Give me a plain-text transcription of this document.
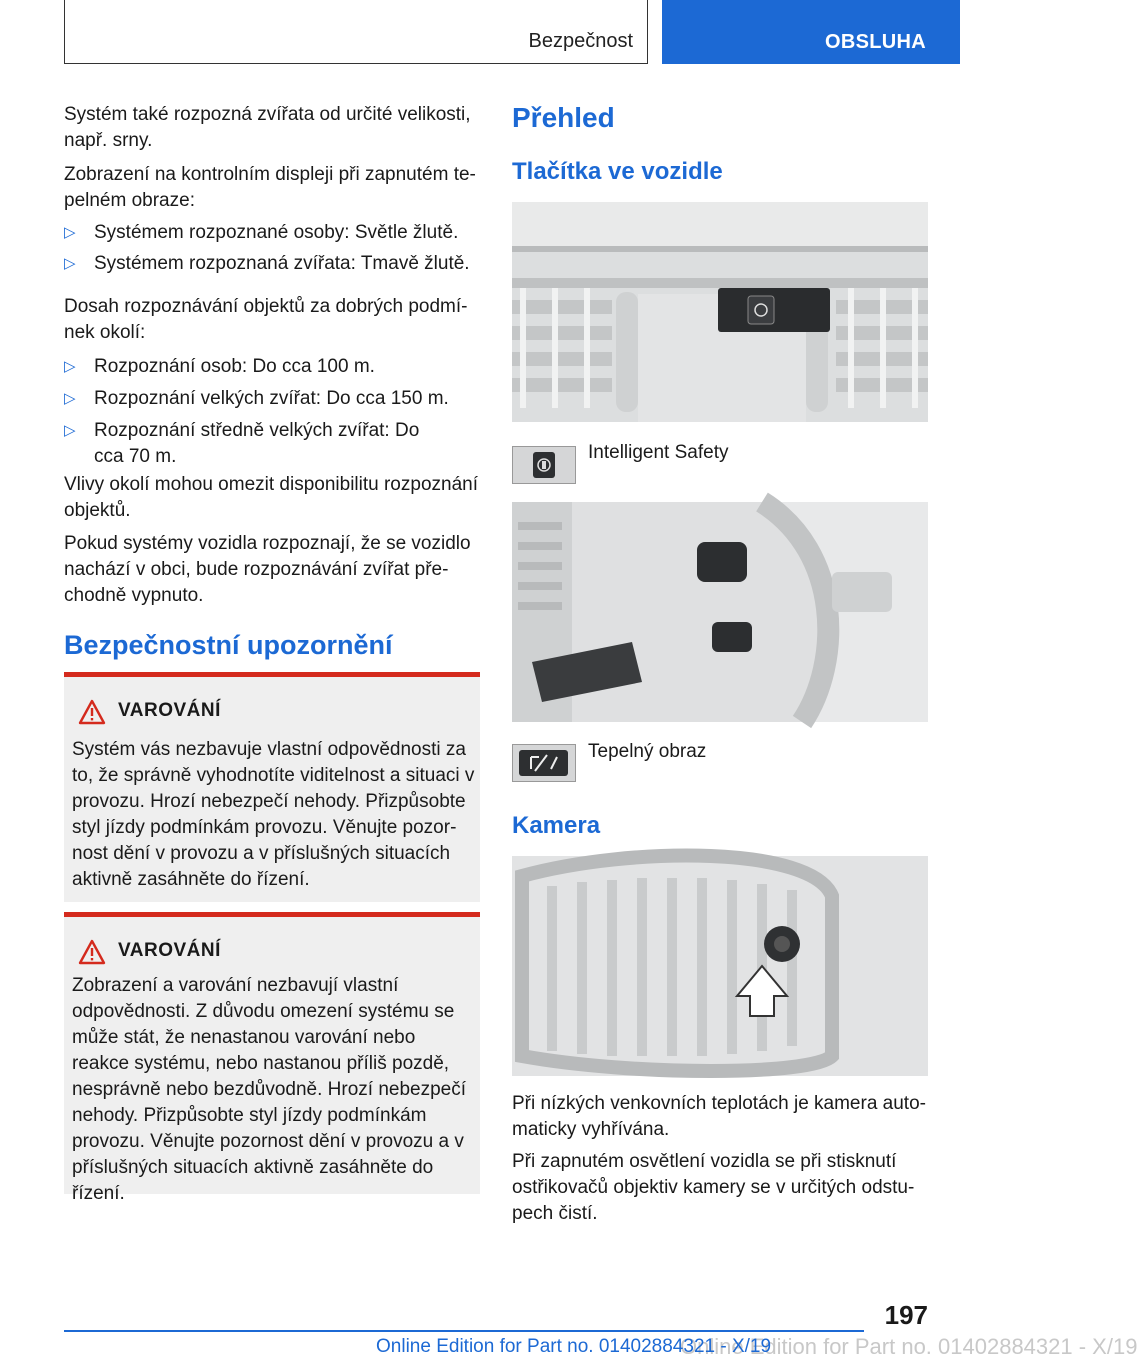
Bezpečnost	OBSLUHA
Systém také rozpozná zvířata od určité velikosti, např. srny.
Zobrazení na kontrolním displeji při zapnutém tepelném obraze:
▷ Systémem rozpoznané osoby: Světle žlutě.
▷ Systémem rozpoznaná zvířata: Tmavě žlutě.
Dosah rozpoznávání objektů za dobrých podmínek okolí:
▷ Rozpoznání osob: Do cca 100 m.
▷ Rozpoznání velkých zvířat: Do cca 150 m.
▷ Rozpoznání středně velkých zvířat: Do cca 70 m.
Vlivy okolí mohou omezit disponibilitu rozpoznání objektů.
Pokud systémy vozidla rozpoznají, že se vozidlo nachází v obci, bude rozpoznávání zvířat přechodně vypnuto.
Bezpečnostní upozornění
VAROVÁNÍ
Systém vás nezbavuje vlastní odpovědnosti za to, že správně vyhodnotíte viditelnost a situaci v provozu. Hrozí nebezpečí nehody. Přizpůsobte styl jízdy podmínkám provozu. Věnujte pozornost dění v provozu a v příslušných situacích aktivně zasáhněte do řízení.
VAROVÁNÍ
Zobrazení a varování nezbavují vlastní odpovědnosti. Z důvodu omezení systému se může stát, že nenastanou varování nebo reakce systému, nebo nastanou příliš pozdě, nesprávně nebo bezdůvodně. Hrozí nebezpečí nehody. Přizpůsobte styl jízdy podmínkám provozu. Věnujte pozornost dění v provozu a v příslušných situacích aktivně zasáhněte do řízení.
Přehled
Tlačítka ve vozidle
Intelligent Safety
Tepelný obraz
Kamera
Při nízkých venkovních teplotách je kamera automaticky vyhřívána.
Při zapnutém osvětlení vozidla se při stisknutí ostřikovačů objektiv kamery se v určitých odstupech čistí.
197
Online Edition for Part no. 01402884321 - X/19
Online Edition for Part no. 01402884321 - X/19
